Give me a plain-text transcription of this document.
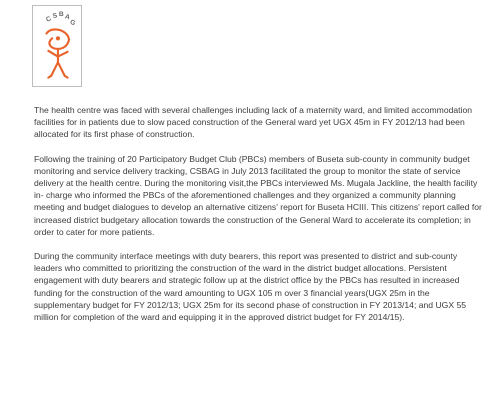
C S B A
G

The health centre was faced with several challenges including lack of a maternity ward, and limited accommodation facilities for in patients due to slow paced construction of the General ward yet UGX 45m in FY 2012/13 had been allocated for its first phase of construction.

Following the training of 20 Participatory Budget Club (PBCs) members of Buseta sub-county in community budget monitoring and service delivery tracking, CSBAG in July 2013 facilitated the group to monitor the state of service delivery at the health centre. During the monitoring visit,the PBCs interviewed Ms. Mugala Jackline, the health facility in- charge who informed the PBCs of the aforementioned challenges and they organized a community planning meeting and budget dialogues to develop an alternative citizens' report for Buseta HCIII. This citizens' report called for increased district budgetary allocation towards the construction of the General Ward to accelerate its completion; in order to cater for more patients.

During the community interface meetings with duty bearers, this report was presented to district and sub-county leaders who committed to prioritizing the construction of the ward in the district budget allocations. Persistent engagement with duty bearers and strategic follow up at the district office by the PBCs has resulted in increased funding for the construction of the ward amounting to UGX 105 m over 3 financial years(UGX 25m in the supplementary budget for FY 2012/13; UGX 25m for its second phase of construction in FY 2013/14; and UGX 55 million for completion of the ward and equipping it in the approved district budget for FY 2014/15).
